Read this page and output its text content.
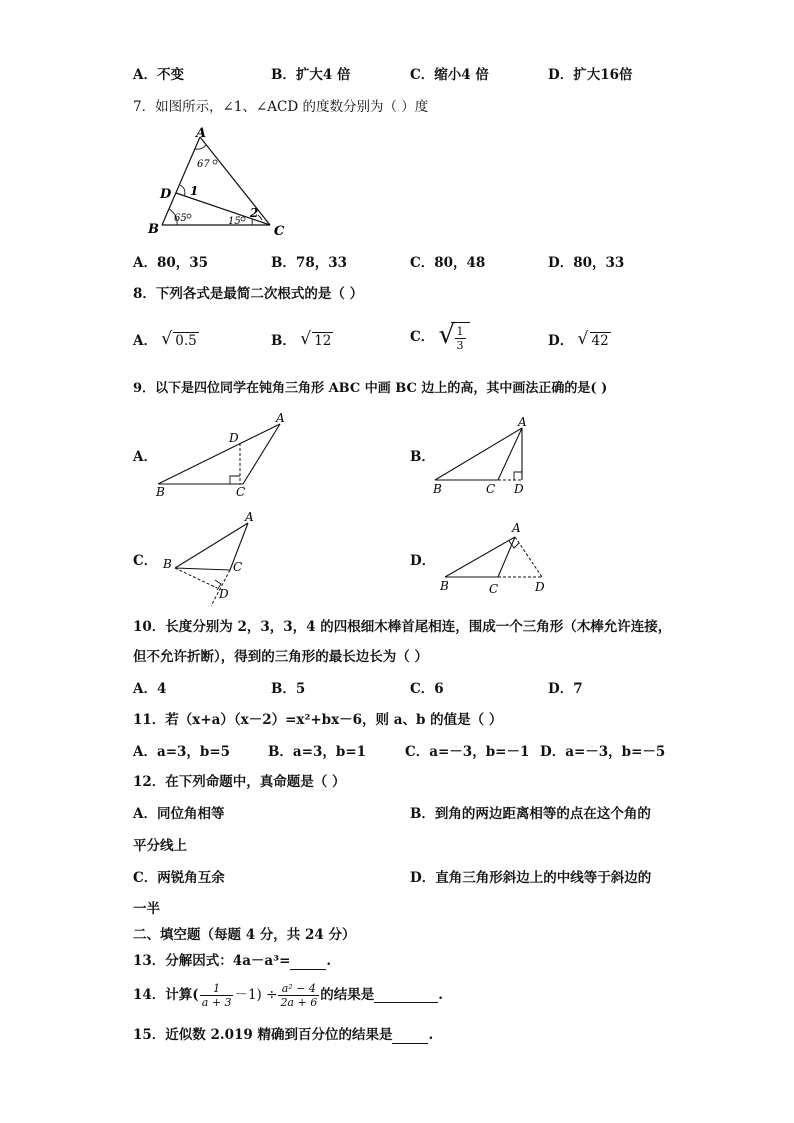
A．不变	B．扩大4 倍	C．缩小4 倍	D．扩大16倍
7．如图所示，∠1、∠ACD 的度数分别为（ ）度
A
B	C
D 1
2
67
65	15
A．80，35	B．78，33	C．80，48	D．80，33
8．下列各式是最简二次根式的是（ ）
A． √ 0.5	B． √ 12	C． √ $\frac{1}{3}$	D． √ 42
9．以下是四位同学在钝角三角形 ABC 中画 BC 边上的高，其中画法正确的是( )
A．
A
B	C
D
B．
A
B	C D
C．
A
B	C
D
D．
A
B	C	D
10．长度分别为 2，3，3，4 的四根细木棒首尾相连，围成一个三角形（木棒允许连接，
但不允许折断），得到的三角形的最长边长为（ ）
A．4	B．5	C．6	D．7
11．若（x+a）（x－2）=x²+bx－6，则 a、b 的值是（ ）
A．a=3，b=5	B．a=3，b=1	C．a=－3，b=－1 D．a=－3，b=－5
12．在下列命题中，真命题是（ ）
A．同位角相等	B．到角的两边距离相等的点在这个角的
平分线上
C．两锐角互余	D．直角三角形斜边上的中线等于斜边的
一半
二、填空题（每题 4 分，共 24 分）
13．分解因式：4a－a³=	.
14．计算( $\frac{1}{a + 3} -1) \div \frac{\text{a² − 4}}{2a + 6}$ 的结果是	.
15．近似数 2.019 精确到百分位的结果是	.
